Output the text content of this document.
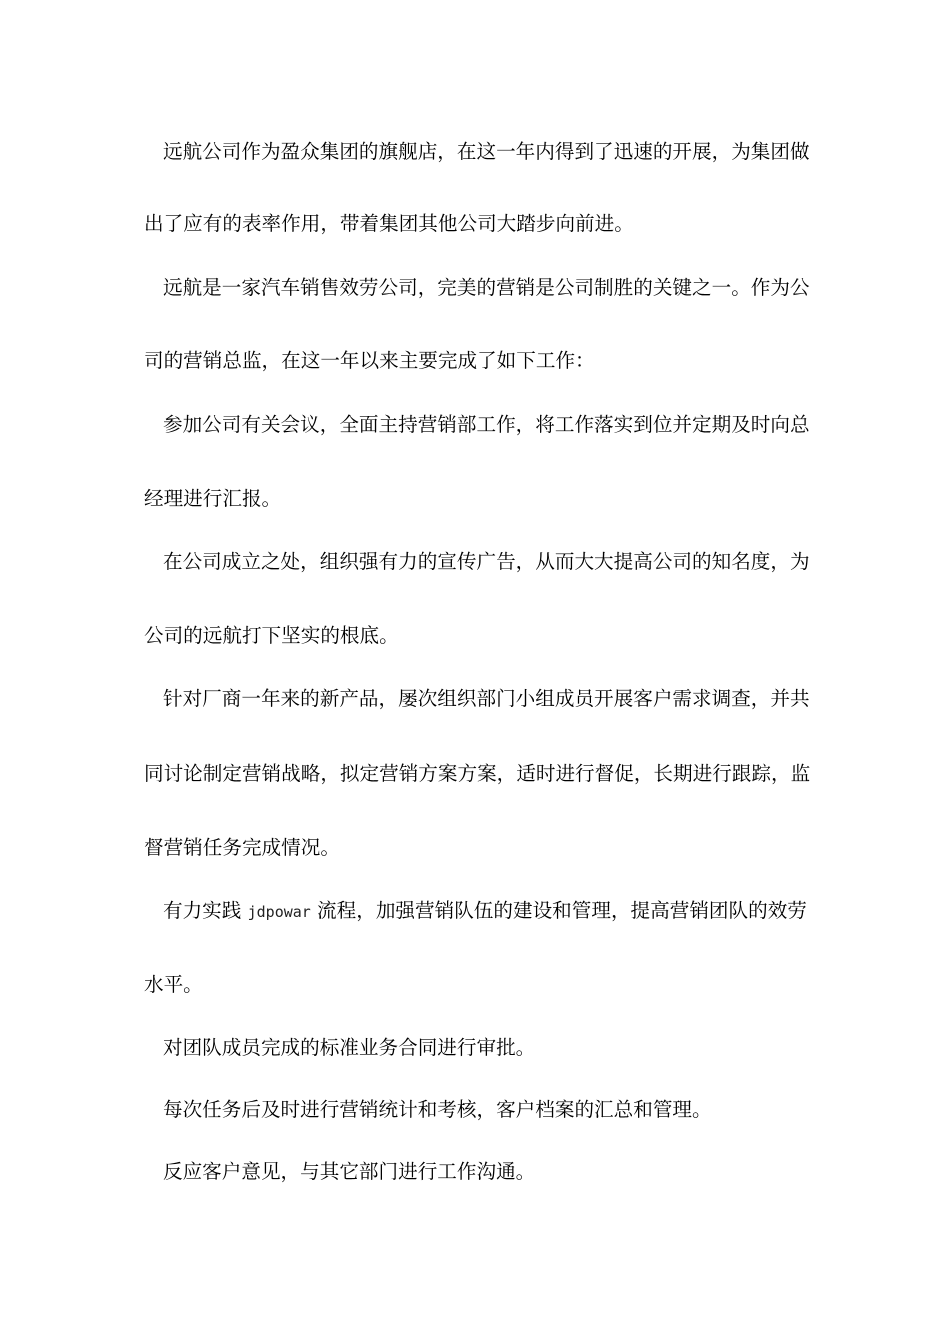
远航公司作为盈众集团的旗舰店，在这一年内得到了迅速的开展，为集团做
出了应有的表率作用，带着集团其他公司大踏步向前进。
远航是一家汽车销售效劳公司，完美的营销是公司制胜的关键之一。作为公
司的营销总监，在这一年以来主要完成了如下工作：
参加公司有关会议，全面主持营销部工作，将工作落实到位并定期及时向总
经理进行汇报。
在公司成立之处，组织强有力的宣传广告，从而大大提高公司的知名度，为
公司的远航打下坚实的根底。
针对厂商一年来的新产品，屡次组织部门小组成员开展客户需求调查，并共
同讨论制定营销战略，拟定营销方案方案，适时进行督促，长期进行跟踪，监
督营销任务完成情况。
有力实践 jdpowar 流程，加强营销队伍的建设和管理，提高营销团队的效劳
水平。
对团队成员完成的标准业务合同进行审批。
每次任务后及时进行营销统计和考核，客户档案的汇总和管理。
反应客户意见，与其它部门进行工作沟通。
